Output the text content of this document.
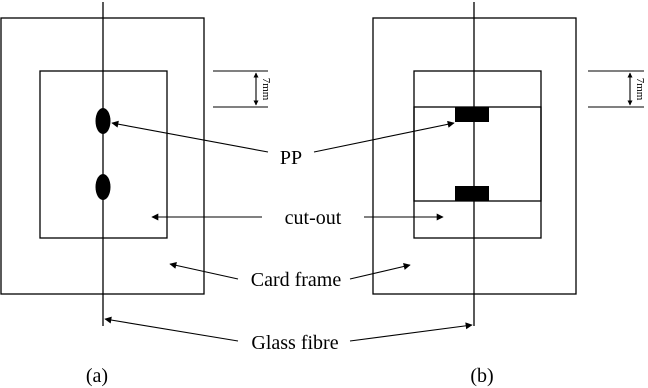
7mm	7mm
PP
cut-out
Card frame
Glass fibre
(a)	(b)
